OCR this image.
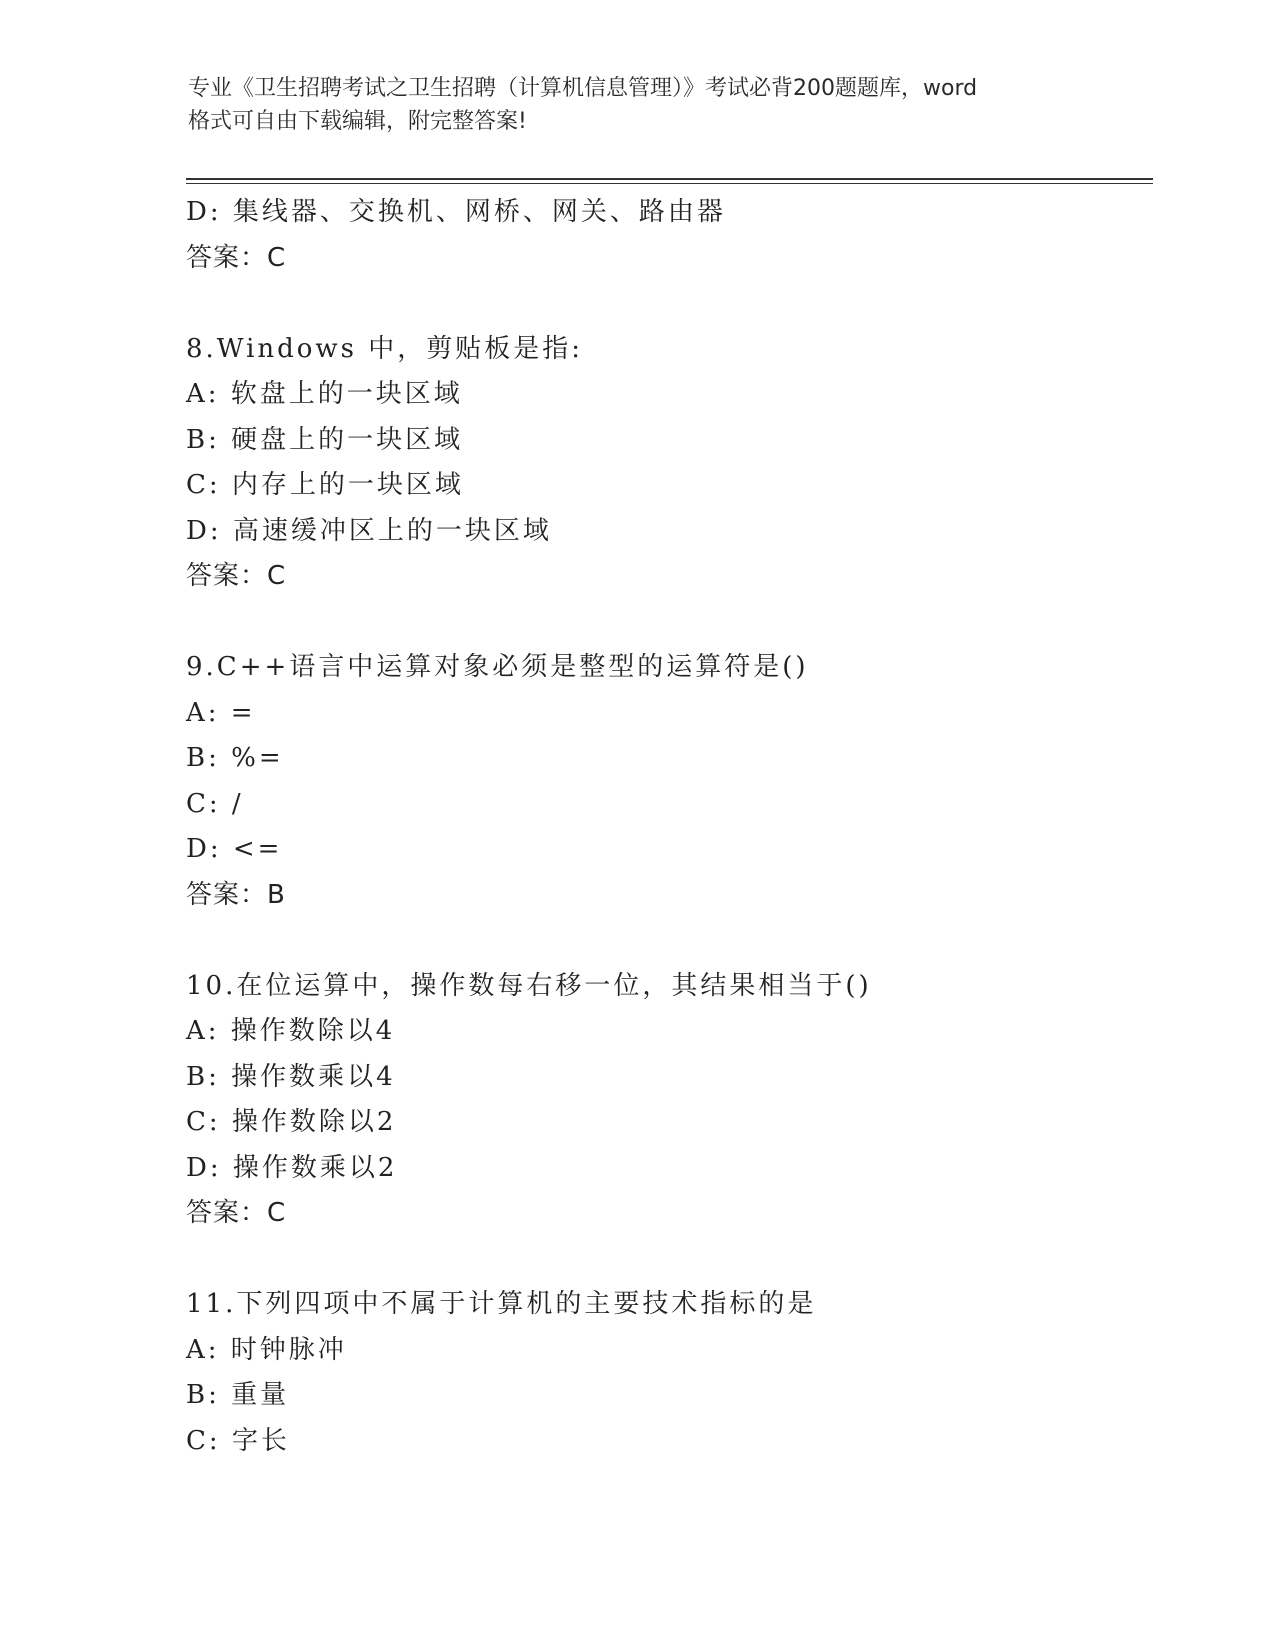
专业《卫生招聘考试之卫生招聘（计算机信息管理）》考试必背200题题库，word
格式可自由下载编辑，附完整答案!
D: 集线器、交换机、网桥、网关、路由器
答案：C
8.Windows 中，剪贴板是指:
A: 软盘上的一块区域
B: 硬盘上的一块区域
C: 内存上的一块区域
D: 高速缓冲区上的一块区域
答案：C
9.C++语言中运算对象必须是整型的运算符是()
A: =
B: %=
C: /
D: <=
答案：B
10.在位运算中，操作数每右移一位，其结果相当于()
A: 操作数除以4
B: 操作数乘以4
C: 操作数除以2
D: 操作数乘以2
答案：C
11.下列四项中不属于计算机的主要技术指标的是
A: 时钟脉冲
B: 重量
C: 字长
